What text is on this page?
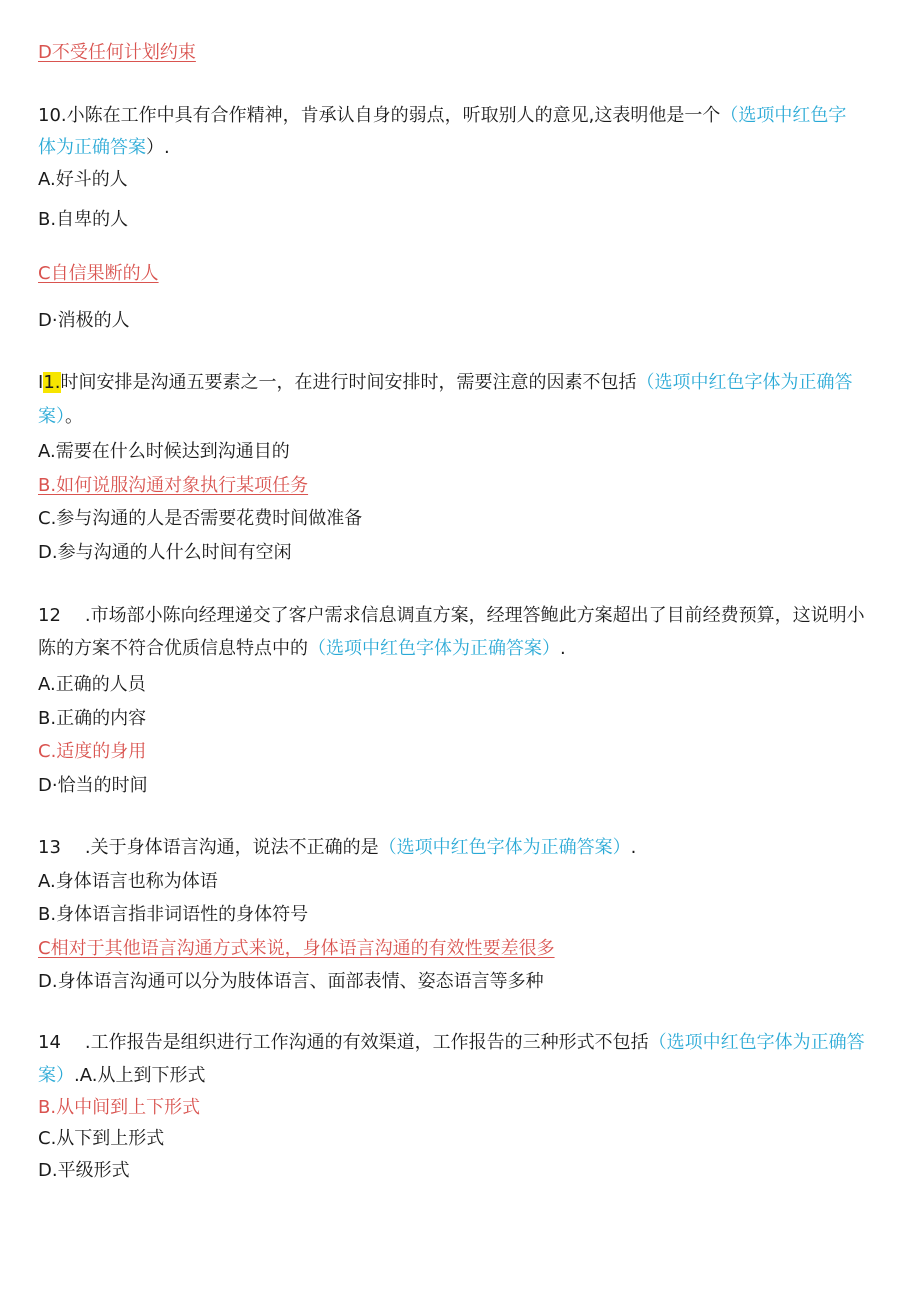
D不受任何计划约束
10.小陈在工作中具有合作精神，肯承认自身的弱点，听取别人的意见,这表明他是一个（选项中红色字
体为正确答案）.
A.好斗的人
B.自卑的人
C自信果断的人
D·消极的人
I1.时间安排是沟通五要素之一，在进行时间安排时，需要注意的因素不包括（选项中红色字体为正确答
案）。
A.需要在什么时候达到沟通目的
B.如何说服沟通对象执行某项任务
C.参与沟通的人是否需要花费时间做准备
D.参与沟通的人什么时间有空闲
12 .市场部小陈向经理递交了客户需求信息调直方案，经理答鲍此方案超出了目前经费预算，这说明小
陈的方案不符合优质信息特点中的（选项中红色字体为正确答案）.
A.正确的人员
B.正确的内容
C.适度的身用
D·恰当的时间
13 .关于身体语言沟通，说法不正确的是（选项中红色字体为正确答案）.
A.身体语言也称为体语
B.身体语言指非词语性的身体符号
C相对于其他语言沟通方式来说，身体语言沟通的有效性要差很多
D.身体语言沟通可以分为肢体语言、面部表情、姿态语言等多种
14 .工作报告是组织进行工作沟通的有效渠道，工作报告的三种形式不包括（选项中红色字体为正确答
案）.A.从上到下形式
B.从中间到上下形式
C.从下到上形式
D.平级形式
